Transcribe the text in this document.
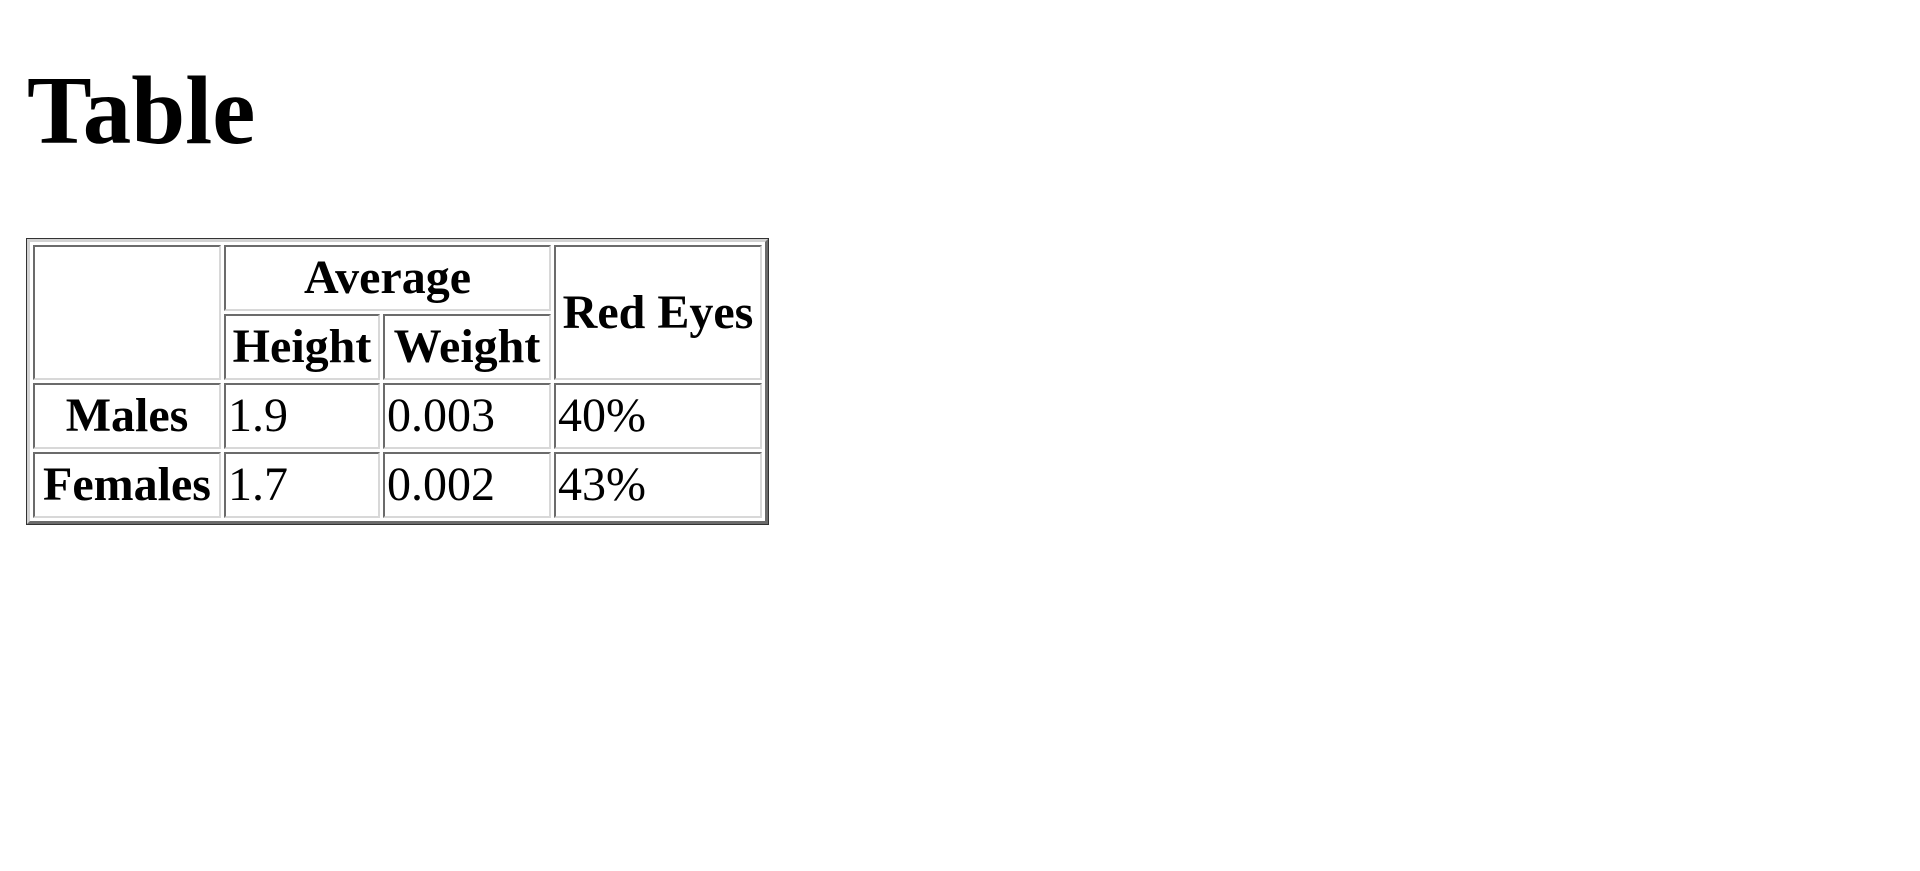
Table
	Average		Red Eyes
	Height	Weight	
Males	1.9	0.003	40%
Females	1.7	0.002	43%
